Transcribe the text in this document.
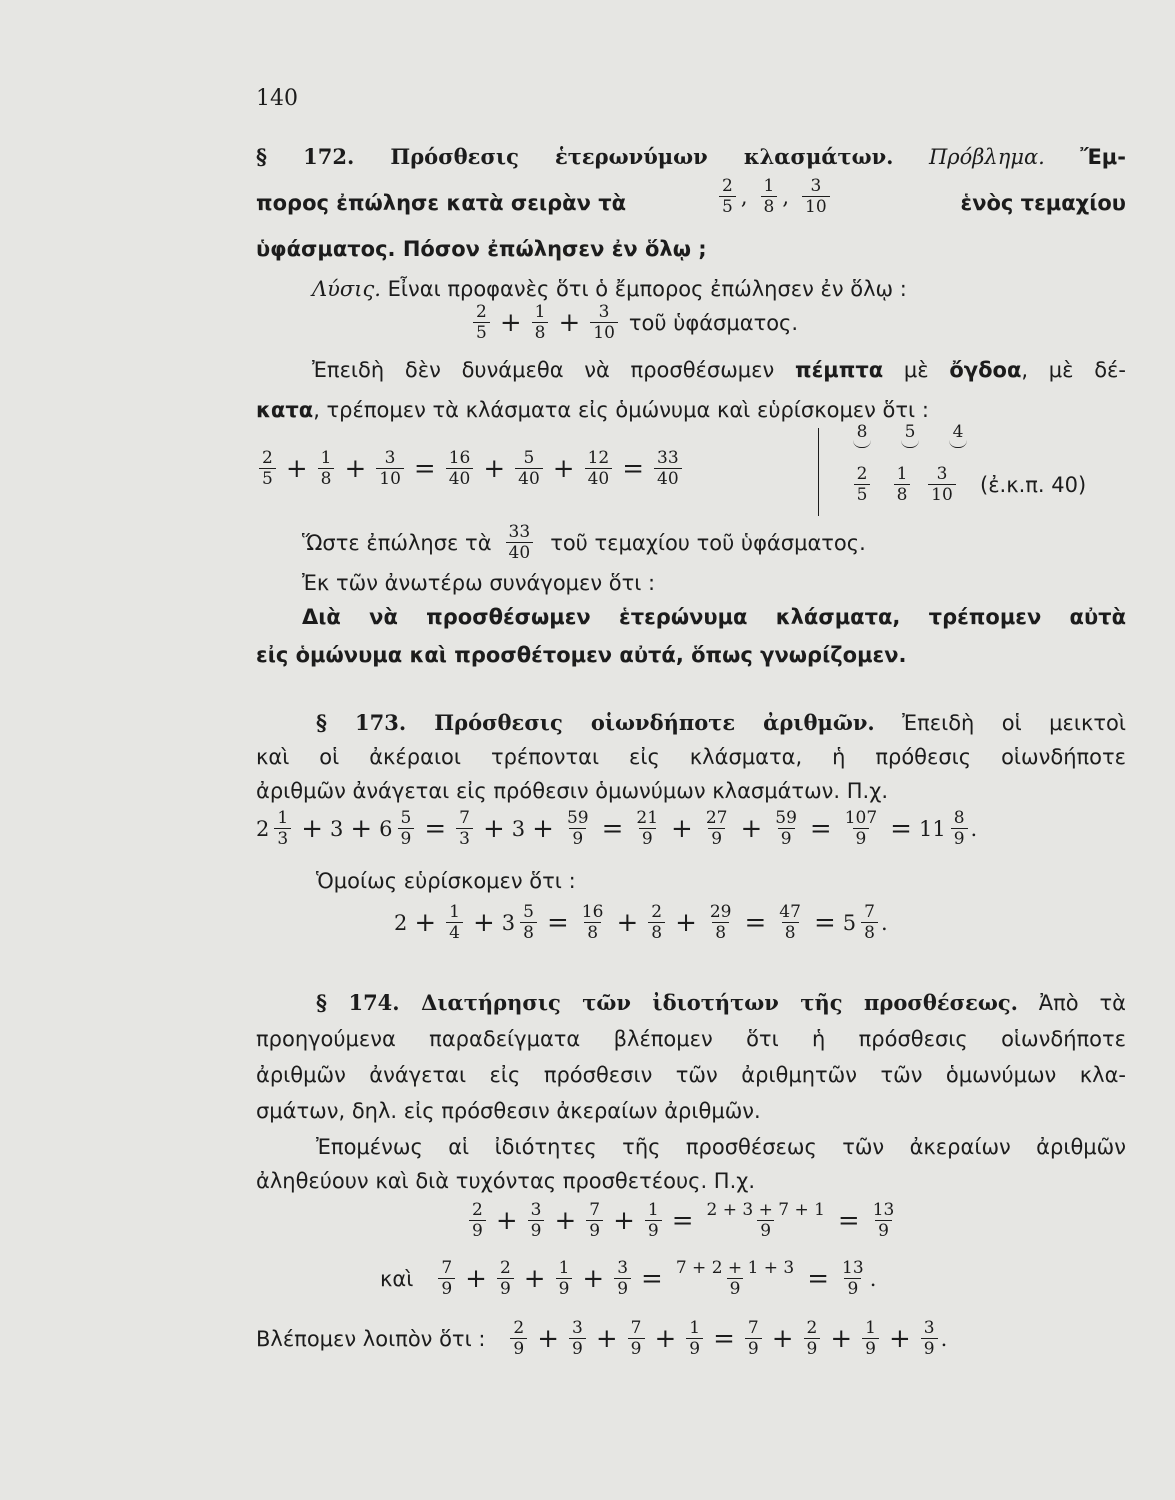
140
§ 172. Πρόσθεσις ἑτερωνύμων κλασμάτων. Πρόβλημα. Ἔμ-
πορος ἐπώλησε κατὰ σειρὰν τὰ	$\frac{2}{5}$ , $\frac{1}{8}$ , $\frac{3}{10}$	ἑνὸς τεμαχίου
ὑφάσματος. Πόσον ἐπώλησεν ἐν ὅλῳ ;
Λύσις. Εἶναι προφανὲς ὅτι ὁ ἔμπορος ἐπώλησεν ἐν ὅλῳ :
$\frac{2}{5} + \frac{1}{8} + \frac{3}{10}$ τοῦ ὑφάσματος.
Ἐπειδὴ δὲν δυνάμεθα νὰ προσθέσωμεν πέμπτα μὲ ὄγδοα, μὲ δέ-
κατα, τρέπομεν τὰ κλάσματα εἰς ὁμώνυμα καὶ εὑρίσκομεν ὅτι :
$\frac{2}{5} + \frac{1}{8} + \frac{3}{10} = \frac{16}{40} + \frac{5}{40} + \frac{12}{40} = \frac{33}{40}$
8	5	4
$\frac{2}{5} \frac{1}{8} \frac{3}{10}$ (ἐ.κ.π. 40)
Ὥστε ἐπώλησε τὰ $\frac{33}{40}$ τοῦ τεμαχίου τοῦ ὑφάσματος.
Ἐκ τῶν ἀνωτέρω συνάγομεν ὅτι :
Διὰ νὰ προσθέσωμεν ἑτερώνυμα κλάσματα, τρέπομεν αὐτὰ
εἰς ὁμώνυμα καὶ προσθέτομεν αὐτά, ὅπως γνωρίζομεν.
§ 173. Πρόσθεσις οἱωνδήποτε ἀριθμῶν. Ἐπειδὴ οἱ μεικτοὶ
καὶ οἱ ἀκέραιοι τρέπονται εἰς κλάσματα, ἡ πρόθεσις οἱωνδήποτε
ἀριθμῶν ἀνάγεται εἰς πρόθεσιν ὁμωνύμων κλασμάτων. Π.χ.
$2 \frac{1}{3} + 3 + 6 \frac{5}{9} = \frac{7}{3} + 3 + \frac{59}{9} = \frac{21}{9} + \frac{27}{9} + \frac{59}{9} = \frac{107}{9} = 11 \frac{8}{9}$ .
Ὁμοίως εὑρίσκομεν ὅτι :
$2 + \frac{1}{4} + 3 \frac{5}{8} = \frac{16}{8} + \frac{2}{8} + \frac{29}{8} = \frac{47}{8} = 5 \frac{7}{8}$ .
§ 174. Διατήρησις τῶν ἰδιοτήτων τῆς προσθέσεως. Ἀπὸ τὰ
προηγούμενα παραδείγματα βλέπομεν ὅτι ἡ πρόσθεσις οἱωνδήποτε
ἀριθμῶν ἀνάγεται εἰς πρόσθεσιν τῶν ἀριθμητῶν τῶν ὁμωνύμων κλα-
σμάτων, δηλ. εἰς πρόσθεσιν ἀκεραίων ἀριθμῶν.
Ἐπομένως αἱ ἰδιότητες τῆς προσθέσεως τῶν ἀκεραίων ἀριθμῶν
ἀληθεύουν καὶ διὰ τυχόντας προσθετέους. Π.χ.
$\frac{2}{9} + \frac{3}{9} + \frac{7}{9} + \frac{1}{9} = \frac{2 + 3 + 7 + 1}{9} = \frac{13}{9}$
καὶ $\frac{7}{9} + \frac{2}{9} + \frac{1}{9} + \frac{3}{9} = \frac{7 + 2 + 1 + 3}{9} = \frac{13}{9}$ .
Βλέπομεν λοιπὸν ὅτι : $\frac{2}{9} + \frac{3}{9} + \frac{7}{9} + \frac{1}{9} = \frac{7}{9} + \frac{2}{9} + \frac{1}{9} + \frac{3}{9}$ .
